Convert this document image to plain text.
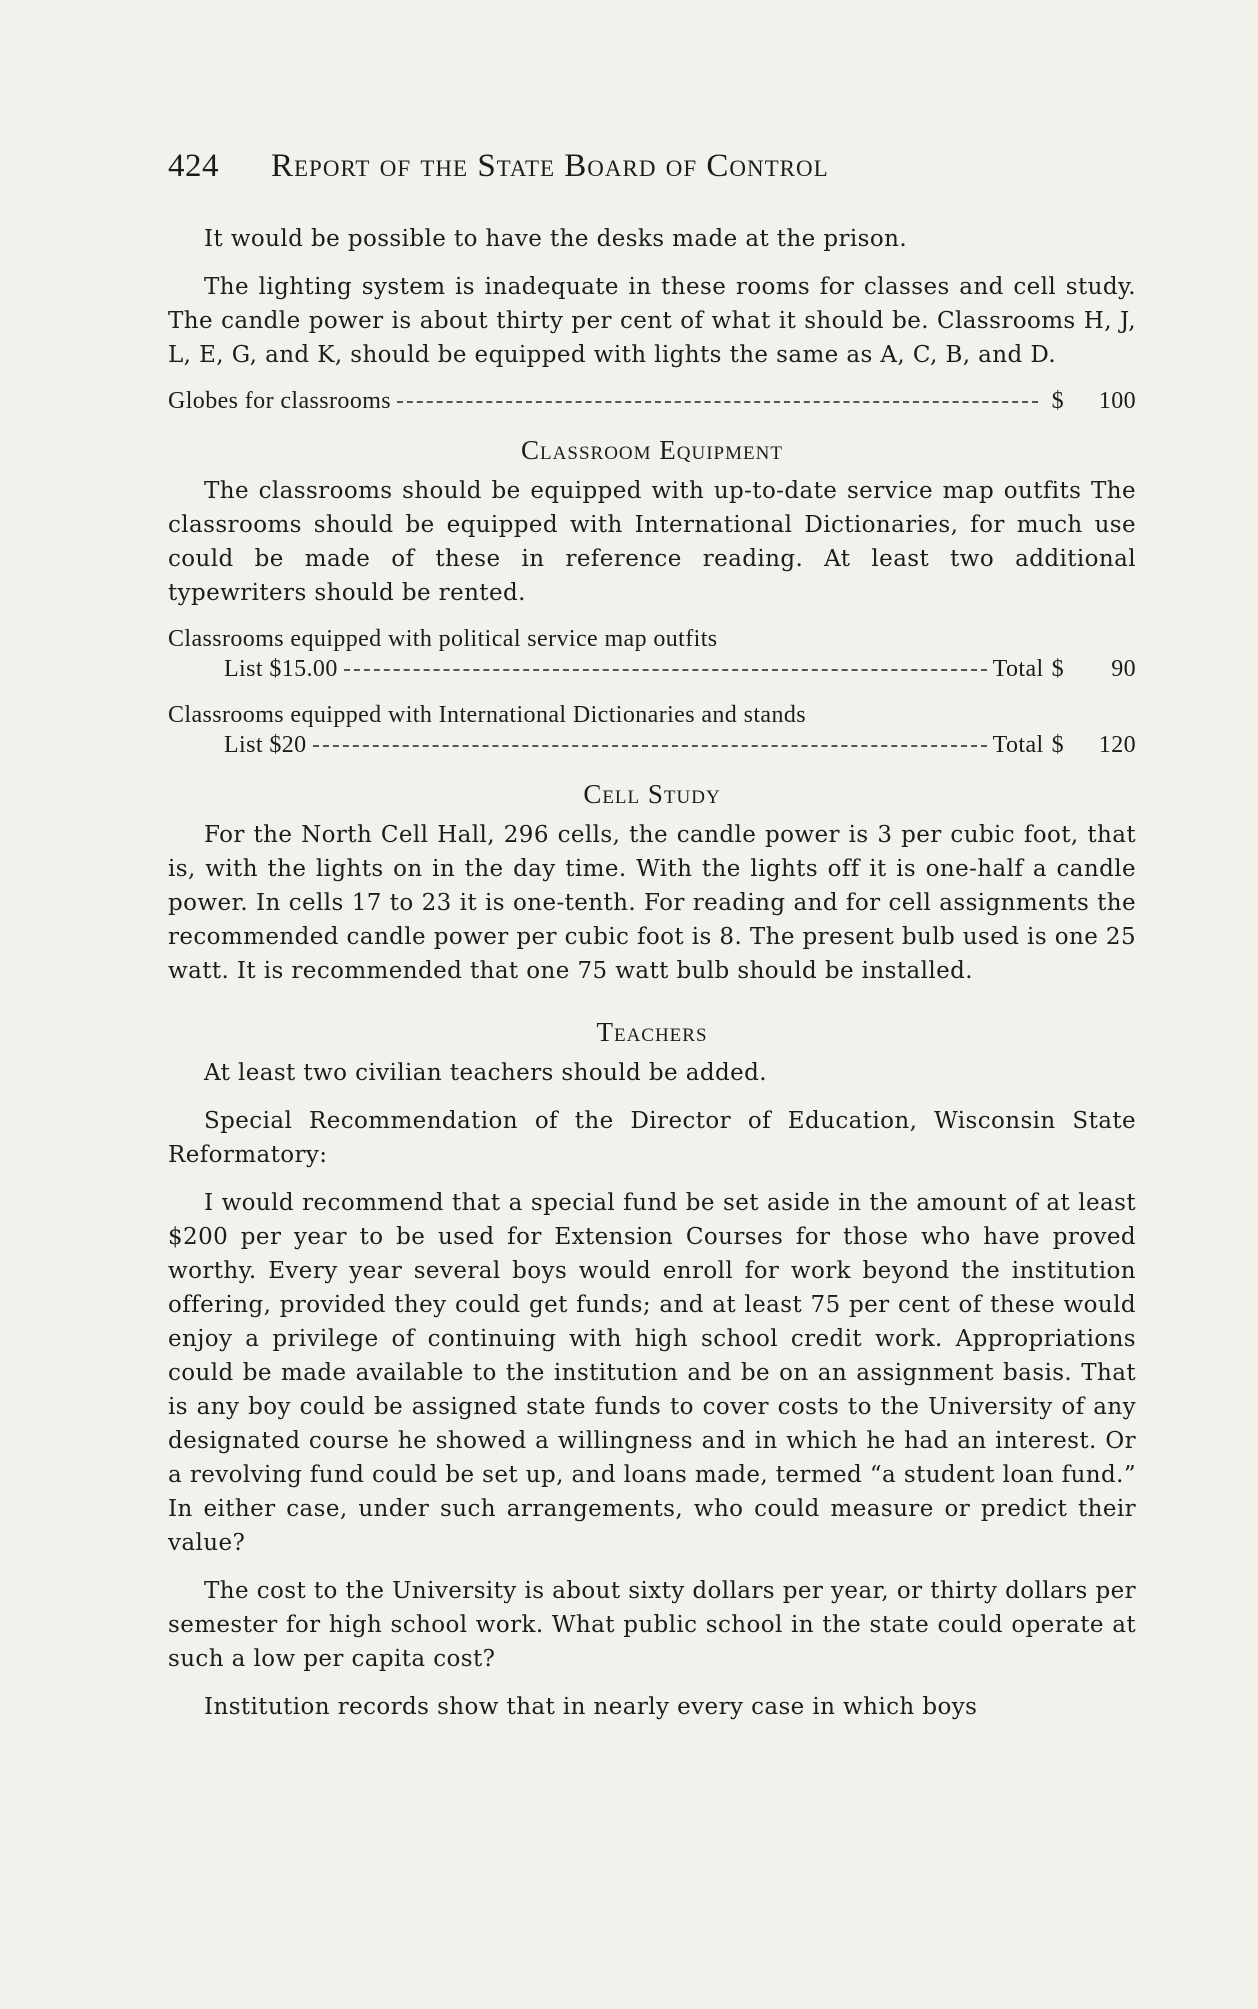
424 Report of the State Board of Control

It would be possible to have the desks made at the prison.

The lighting system is inadequate in these rooms for classes and cell study. The candle power is about thirty per cent of what it should be. Classrooms H, J, L, E, G, and K, should be equipped with lights the same as A, C, B, and D.

Globes for classrooms	$	100
Classroom Equipment

The classrooms should be equipped with up-to-date service map outfits The classrooms should be equipped with International Dictionaries, for much use could be made of these in reference reading. At least two additional typewriters should be rented.

Classrooms equipped with political service map outfits
List $15.00	Total $	90
Classrooms equipped with International Dictionaries and stands
List $20	Total $	120
Cell Study

For the North Cell Hall, 296 cells, the candle power is 3 per cubic foot, that is, with the lights on in the day time. With the lights off it is one-half a candle power. In cells 17 to 23 it is one-tenth. For reading and for cell assignments the recommended candle power per cubic foot is 8. The present bulb used is one 25 watt. It is recommended that one 75 watt bulb should be installed.

Teachers

At least two civilian teachers should be added.

Special Recommendation of the Director of Education, Wisconsin State Reformatory:

I would recommend that a special fund be set aside in the amount of at least $200 per year to be used for Extension Courses for those who have proved worthy. Every year several boys would enroll for work beyond the institution offering, provided they could get funds; and at least 75 per cent of these would enjoy a privilege of continuing with high school credit work. Appropriations could be made available to the institution and be on an assignment basis. That is any boy could be assigned state funds to cover costs to the University of any designated course he showed a willingness and in which he had an interest. Or a revolving fund could be set up, and loans made, termed “a student loan fund.” In either case, under such arrangements, who could measure or predict their value?

The cost to the University is about sixty dollars per year, or thirty dollars per semester for high school work. What public school in the state could operate at such a low per capita cost?

Institution records show that in nearly every case in which boys
